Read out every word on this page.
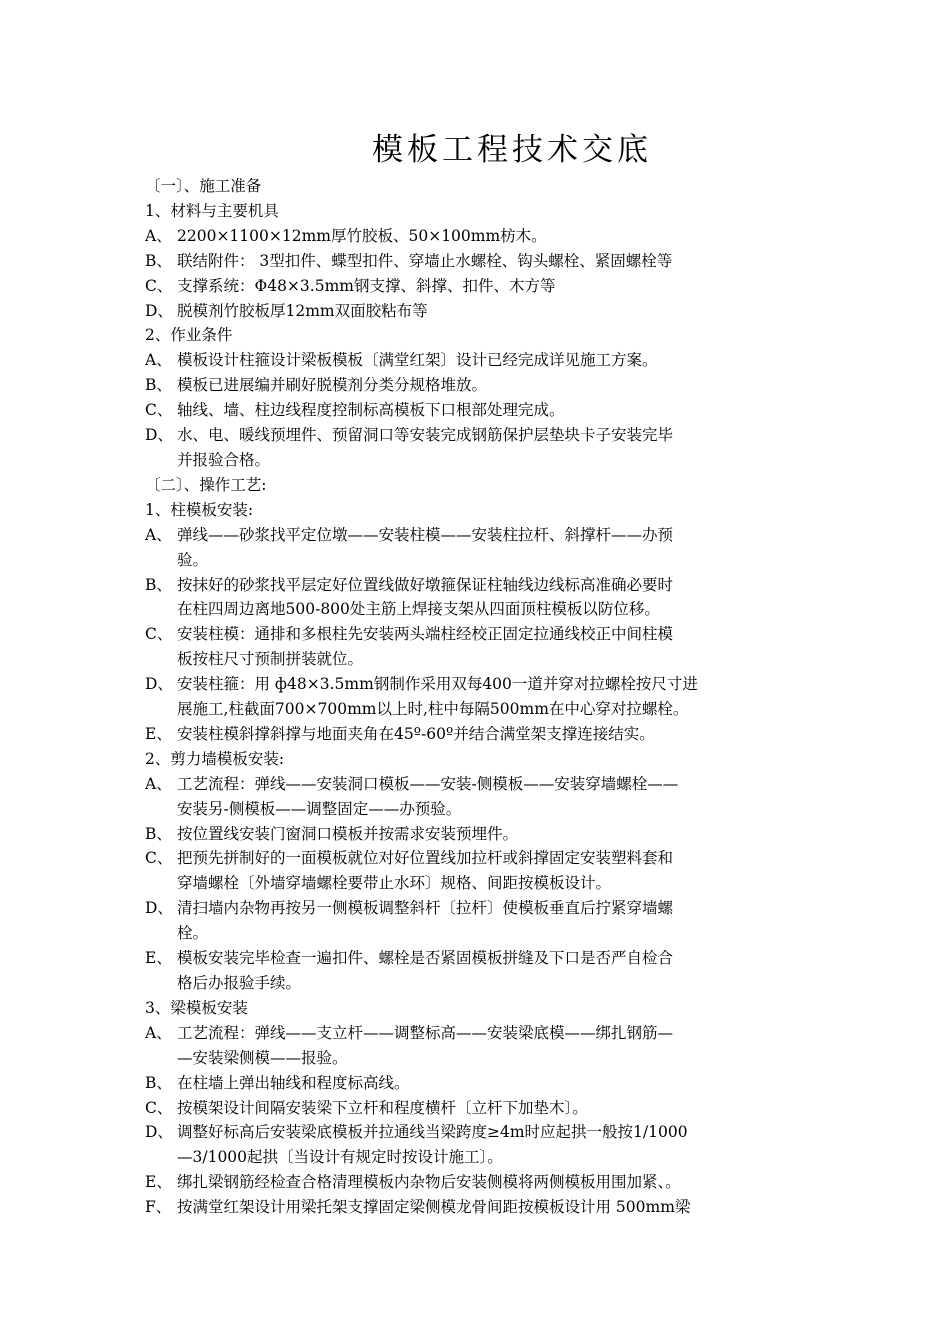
模板工程技术交底
〔一〕、施工准备
1、材料与主要机具
A、 2200×1100×12mm厚竹胶板、50×100mm枋木。
B、 联结附件： 3型扣件、蝶型扣件、穿墙止水螺栓、钩头螺栓、紧固螺栓等
C、 支撑系统：Φ48×3.5mm钢支撑、斜撑、扣件、木方等
D、 脱模剂竹胶板厚12mm双面胶粘布等
2、作业条件
A、 模板设计柱箍设计梁板模板〔满堂红架〕设计已经完成详见施工方案。
B、 模板已进展编并刷好脱模剂分类分规格堆放。
C、 轴线、墙、柱边线程度控制标高模板下口根部处理完成。
D、 水、电、暖线预埋件、预留洞口等安装完成钢筋保护层垫块卡子安装完毕
并报验合格。
〔二〕、操作工艺:
1、柱模板安装:
A、 弹线——砂浆找平定位墩——安装柱模——安装柱拉杆、斜撑杆——办预
验。
B、 按抹好的砂浆找平层定好位置线做好墩箍保证柱轴线边线标高准确必要时
在柱四周边离地500-800处主筋上焊接支架从四面顶柱模板以防位移。
C、 安装柱模：通排和多根柱先安装两头端柱经校正固定拉通线校正中间柱模
板按柱尺寸预制拼装就位。
D、 安装柱箍：用 ф48×3.5mm钢制作采用双每400一道并穿对拉螺栓按尺寸进
展施工,柱截面700×700mm以上时,柱中每隔500mm在中心穿对拉螺栓。
E、 安装柱模斜撑斜撑与地面夹角在45º-60º并结合满堂架支撑连接结实。
2、剪力墙模板安装:
A、 工艺流程：弹线——安装洞口模板——安装-侧模板——安装穿墙螺栓——
安装另-侧模板——调整固定——办预验。
B、 按位置线安装门窗洞口模板并按需求安装预埋件。
C、 把预先拼制好的一面模板就位对好位置线加拉杆或斜撑固定安装塑料套和
穿墙螺栓〔外墙穿墙螺栓要带止水环〕规格、间距按模板设计。
D、 清扫墙内杂物再按另一侧模板调整斜杆〔拉杆〕使模板垂直后拧紧穿墙螺
栓。
E、 模板安装完毕检查一遍扣件、螺栓是否紧固模板拼缝及下口是否严自检合
格后办报验手续。
3、梁模板安装
A、 工艺流程：弹线——支立杆——调整标高——安装梁底模——绑扎钢筋—
—安装梁侧模——报验。
B、 在柱墙上弹出轴线和程度标高线。
C、 按模架设计间隔安装梁下立杆和程度横杆〔立杆下加垫木〕。
D、 调整好标高后安装梁底模板并拉通线当梁跨度≥4m时应起拱一般按1/1000
—3/1000起拱〔当设计有规定时按设计施工〕。
E、 绑扎梁钢筋经检查合格清理模板内杂物后安装侧模将两侧模板用围加紧、。
F、 按满堂红架设计用梁托架支撑固定梁侧模龙骨间距按模板设计用 500mm梁
